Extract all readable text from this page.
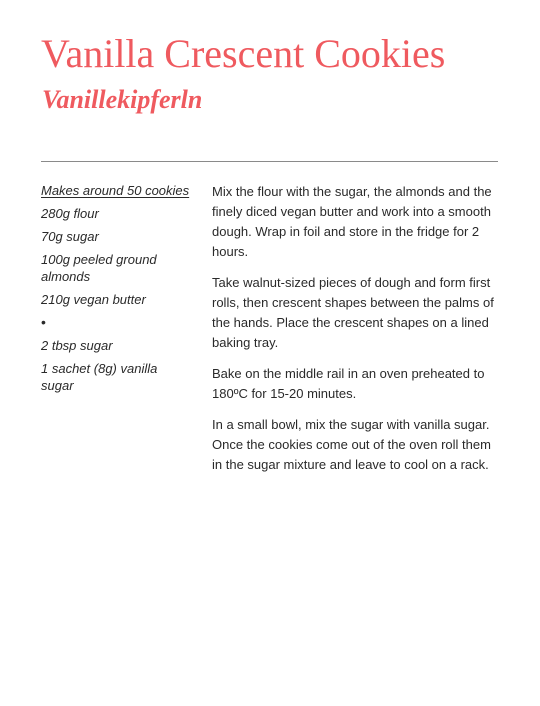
Vanilla Crescent Cookies
Vanillekipferln
Makes around 50 cookies
280g flour
70g sugar
100g peeled ground almonds
210g vegan butter
•
2 tbsp sugar
1 sachet (8g) vanilla sugar

Mix the flour with the sugar, the almonds and the finely diced vegan butter and work into a smooth dough. Wrap in foil and store in the fridge for 2 hours.

Take walnut-sized pieces of dough and form first rolls, then crescent shapes between the palms of the hands. Place the crescent shapes on a lined baking tray.

Bake on the middle rail in an oven preheated to 180ºC for 15-20 minutes.

In a small bowl, mix the sugar with vanilla sugar. Once the cookies come out of the oven roll them in the sugar mixture and leave to cool on a rack.
